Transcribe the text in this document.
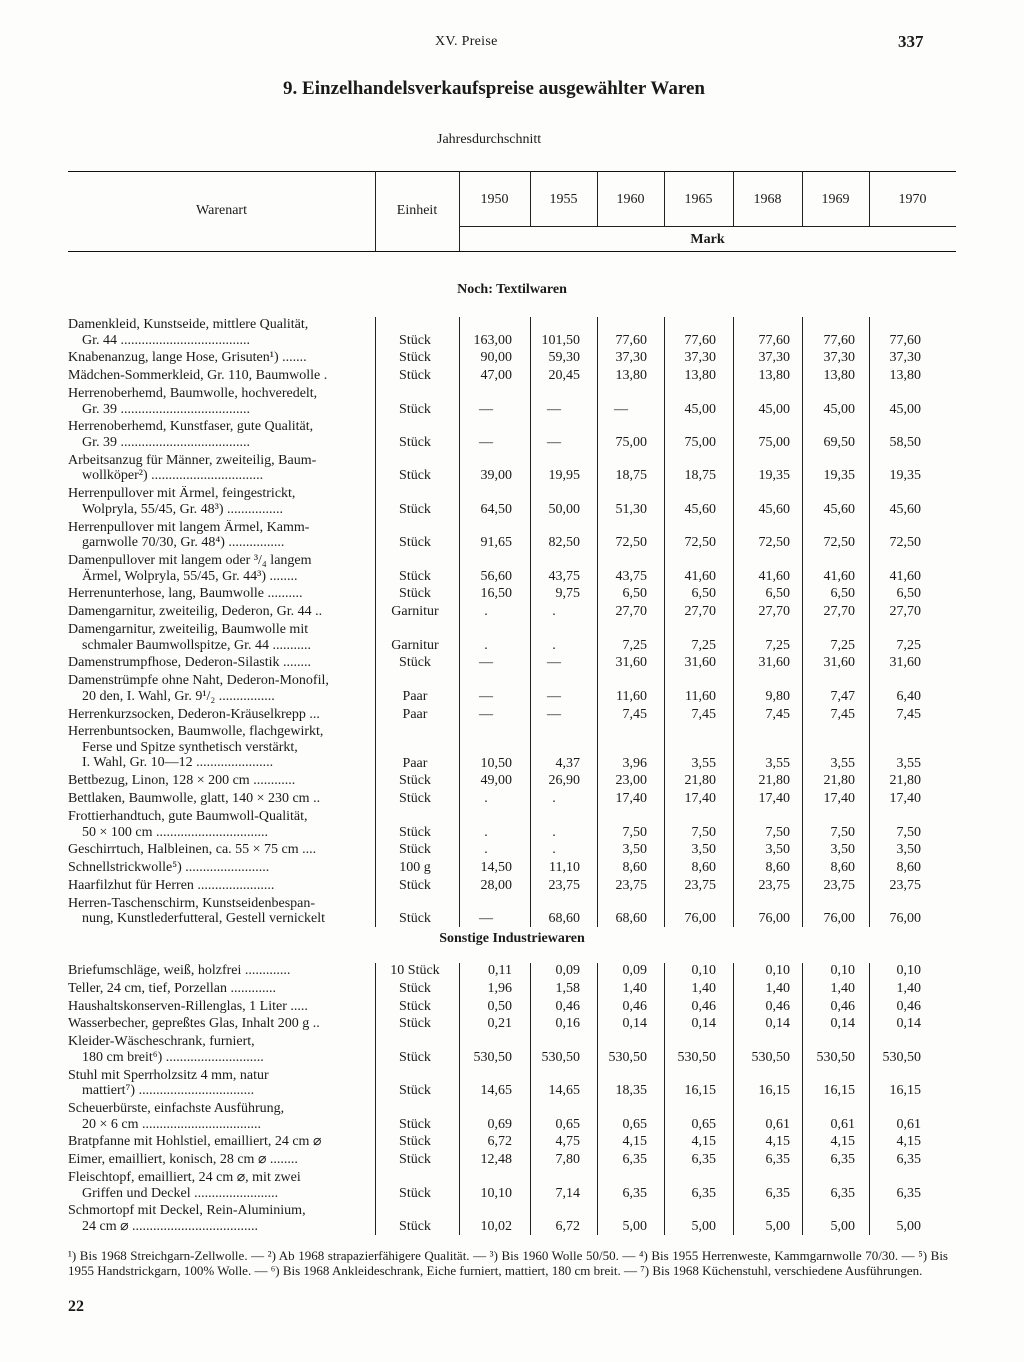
XV. Preise	337
9. Einzelhandelsverkaufspreise ausgewählter Waren
Jahresdurchschnitt
Warenart	Einheit
1950	1955	1960	1965	1968	1969	1970
Mark
Noch: Textilwaren
Damenkleid, Kunstseide, mittlere Qualität,
Gr. 44 .....................................	Stück	163,00	101,50	77,60	77,60	77,60	77,60	77,60
Knabenanzug, lange Hose, Grisuten¹) .......	Stück	90,00	59,30	37,30	37,30	37,30	37,30	37,30
Mädchen-Sommerkleid, Gr. 110, Baumwolle .	Stück	47,00	20,45	13,80	13,80	13,80	13,80	13,80
Herrenoberhemd, Baumwolle, hochveredelt,
Gr. 39 .....................................	Stück	—	—	—	45,00	45,00	45,00	45,00
Herrenoberhemd, Kunstfaser, gute Qualität,
Gr. 39 .....................................	Stück	—	—	75,00	75,00	75,00	69,50	58,50
Arbeitsanzug für Männer, zweiteilig, Baum-
wollköper²) ................................	Stück	39,00	19,95	18,75	18,75	19,35	19,35	19,35
Herrenpullover mit Ärmel, feingestrickt,
Wolpryla, 55/45, Gr. 48³) ................	Stück	64,50	50,00	51,30	45,60	45,60	45,60	45,60
Herrenpullover mit langem Ärmel, Kamm-
garnwolle 70/30, Gr. 48⁴) ................	Stück	91,65	82,50	72,50	72,50	72,50	72,50	72,50
Damenpullover mit langem oder ³/₄ langem
Ärmel, Wolpryla, 55/45, Gr. 44³) ........	Stück	56,60	43,75	43,75	41,60	41,60	41,60	41,60
Herrenunterhose, lang, Baumwolle ..........	Stück	16,50	9,75	6,50	6,50	6,50	6,50	6,50
Damengarnitur, zweiteilig, Dederon, Gr. 44 ..	Garnitur	.	.	27,70	27,70	27,70	27,70	27,70
Damengarnitur, zweiteilig, Baumwolle mit
schmaler Baumwollspitze, Gr. 44 ...........	Garnitur	.	.	7,25	7,25	7,25	7,25	7,25
Damenstrumpfhose, Dederon-Silastik ........	Stück	—	—	31,60	31,60	31,60	31,60	31,60
Damenstrümpfe ohne Naht, Dederon-Monofil,
20 den, I. Wahl, Gr. 9¹/₂ ................	Paar	—	—	11,60	11,60	9,80	7,47	6,40
Herrenkurzsocken, Dederon-Kräuselkrepp ...	Paar	—	—	7,45	7,45	7,45	7,45	7,45
Herrenbuntsocken, Baumwolle, flachgewirkt,
Ferse und Spitze synthetisch verstärkt,
I. Wahl, Gr. 10—12 ......................	Paar	10,50	4,37	3,96	3,55	3,55	3,55	3,55
Bettbezug, Linon, 128 × 200 cm ............	Stück	49,00	26,90	23,00	21,80	21,80	21,80	21,80
Bettlaken, Baumwolle, glatt, 140 × 230 cm ..	Stück	.	.	17,40	17,40	17,40	17,40	17,40
Frottierhandtuch, gute Baumwoll-Qualität,
50 × 100 cm ................................	Stück	.	.	7,50	7,50	7,50	7,50	7,50
Geschirrtuch, Halbleinen, ca. 55 × 75 cm ....	Stück	.	.	3,50	3,50	3,50	3,50	3,50
Schnellstrickwolle⁵) ........................	100 g	14,50	11,10	8,60	8,60	8,60	8,60	8,60
Haarfilzhut für Herren ......................	Stück	28,00	23,75	23,75	23,75	23,75	23,75	23,75
Herren-Taschenschirm, Kunstseidenbespan-
nung, Kunstlederfutteral, Gestell vernickelt	Stück	—	68,60	68,60	76,00	76,00	76,00	76,00
Sonstige Industriewaren
Briefumschläge, weiß, holzfrei .............	10 Stück	0,11	0,09	0,09	0,10	0,10	0,10	0,10
Teller, 24 cm, tief, Porzellan .............	Stück	1,96	1,58	1,40	1,40	1,40	1,40	1,40
Haushaltskonserven-Rillenglas, 1 Liter .....	Stück	0,50	0,46	0,46	0,46	0,46	0,46	0,46
Wasserbecher, gepreßtes Glas, Inhalt 200 g ..	Stück	0,21	0,16	0,14	0,14	0,14	0,14	0,14
Kleider-Wäscheschrank, furniert,
180 cm breit⁶) ............................	Stück	530,50	530,50	530,50	530,50	530,50	530,50	530,50
Stuhl mit Sperrholzsitz 4 mm, natur
mattiert⁷) .................................	Stück	14,65	14,65	18,35	16,15	16,15	16,15	16,15
Scheuerbürste, einfachste Ausführung,
20 × 6 cm ..................................	Stück	0,69	0,65	0,65	0,65	0,61	0,61	0,61
Bratpfanne mit Hohlstiel, emailliert, 24 cm ⌀	Stück	6,72	4,75	4,15	4,15	4,15	4,15	4,15
Eimer, emailliert, konisch, 28 cm ⌀ ........	Stück	12,48	7,80	6,35	6,35	6,35	6,35	6,35
Fleischtopf, emailliert, 24 cm ⌀, mit zwei
Griffen und Deckel ........................	Stück	10,10	7,14	6,35	6,35	6,35	6,35	6,35
Schmortopf mit Deckel, Rein-Aluminium,
24 cm ⌀ ....................................	Stück	10,02	6,72	5,00	5,00	5,00	5,00	5,00
¹) Bis 1968 Streichgarn-Zellwolle. — ²) Ab 1968 strapazierfähigere Qualität. — ³) Bis 1960 Wolle 50/50. — ⁴) Bis 1955 Herrenweste, Kammgarnwolle 70/30. — ⁵) Bis 1955 Handstrickgarn, 100% Wolle. — ⁶) Bis 1968 Ankleideschrank, Eiche furniert, mattiert, 180 cm breit. — ⁷) Bis 1968 Küchenstuhl, verschiedene Ausführungen.
22
